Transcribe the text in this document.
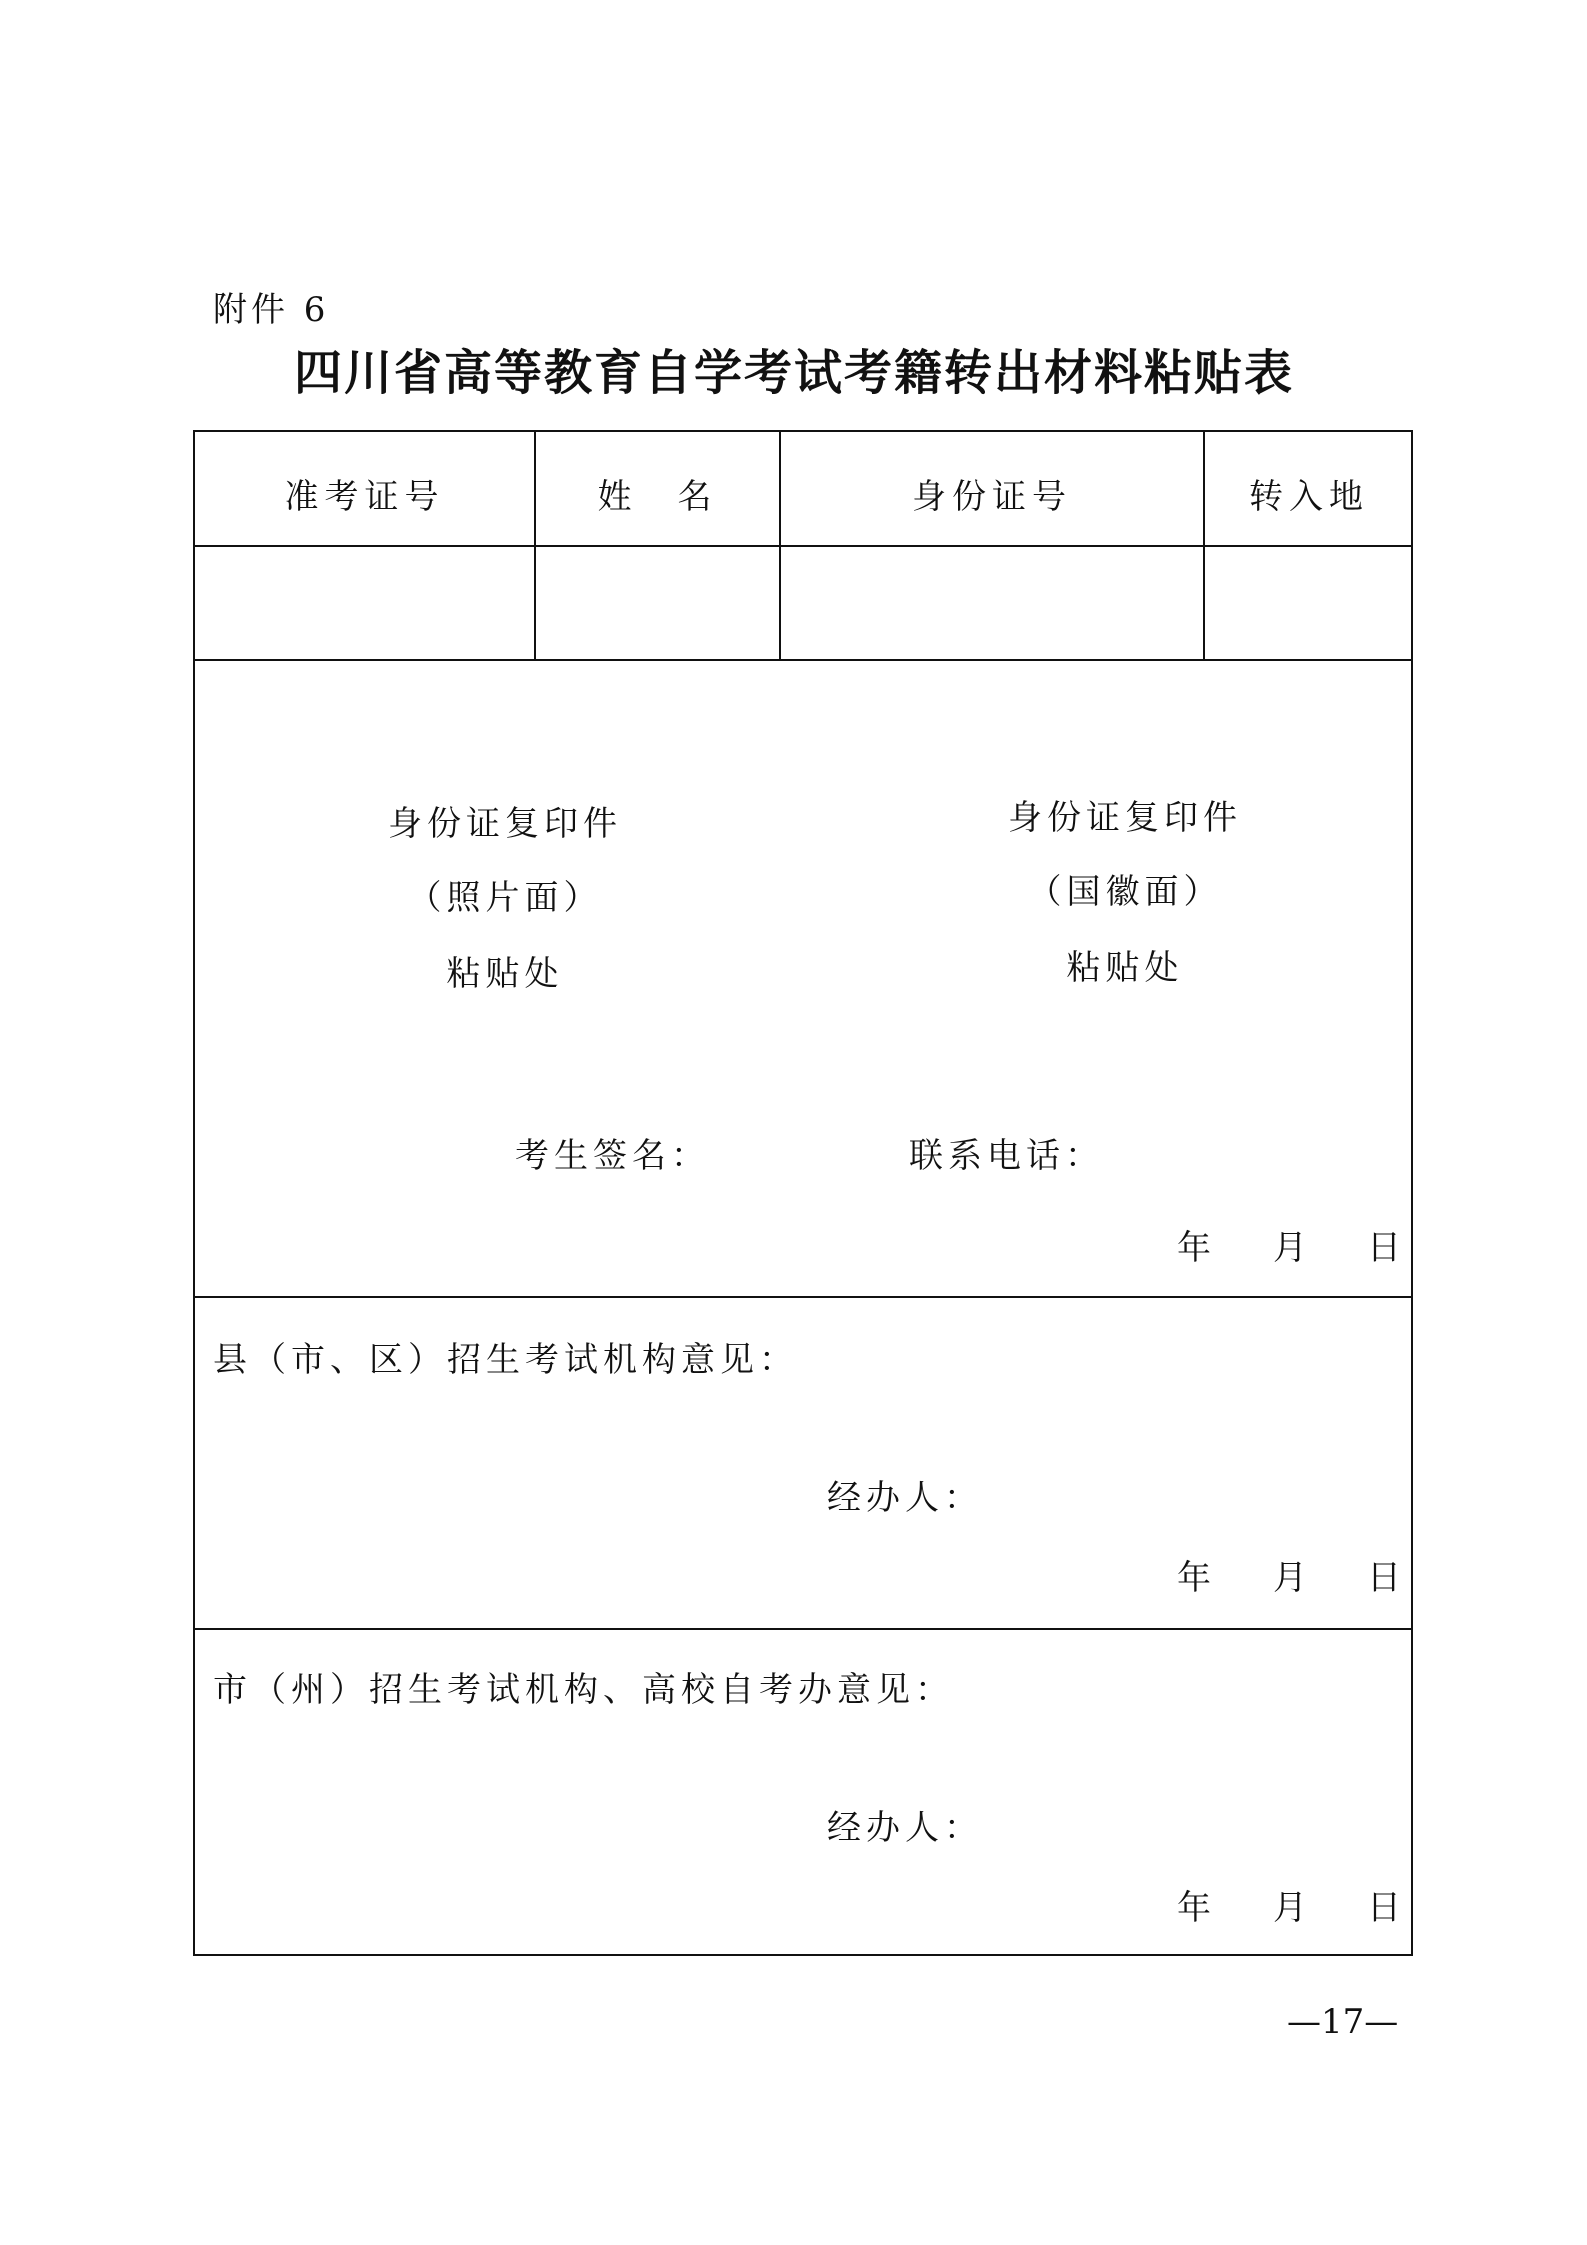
附件 6
四川省高等教育自学考试考籍转出材料粘贴表
准考证号	姓　名	身份证号	转入地
身份证复印件
（照片面）
粘贴处
身份证复印件
（国徽面）
粘贴处
考生签名：	联系电话：
年 月 日
县（市、区）招生考试机构意见：
经办人：
年 月 日
市（州）招生考试机构、高校自考办意见：
经办人：
年 月 日
—17—
